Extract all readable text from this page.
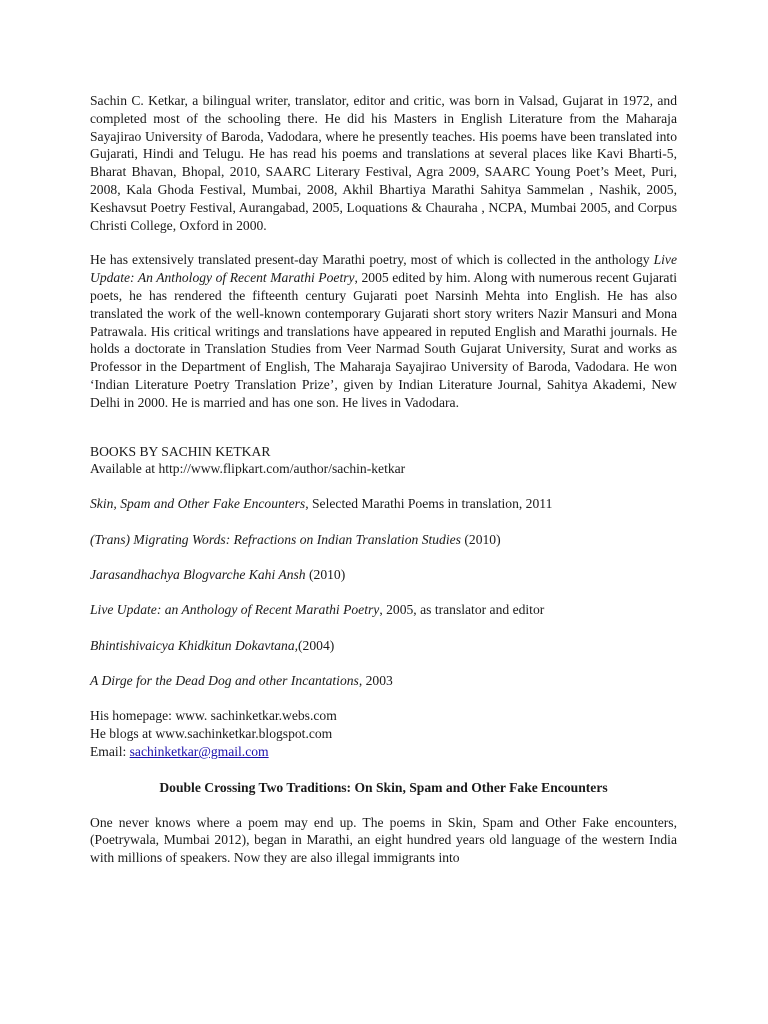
Sachin C. Ketkar, a bilingual writer, translator, editor and critic, was born in Valsad, Gujarat in 1972, and completed most of the schooling there. He did his Masters in English Literature from the Maharaja Sayajirao University of Baroda, Vadodara, where he presently teaches. His poems have been translated into Gujarati, Hindi and Telugu. He has read his poems and translations at several places like Kavi Bharti-5, Bharat Bhavan, Bhopal, 2010, SAARC Literary Festival, Agra 2009, SAARC Young Poet’s Meet, Puri, 2008, Kala Ghoda Festival, Mumbai, 2008, Akhil Bhartiya Marathi Sahitya Sammelan , Nashik, 2005, Keshavsut Poetry Festival, Aurangabad, 2005, Loquations & Chauraha , NCPA, Mumbai 2005, and Corpus Christi College, Oxford in 2000.

He has extensively translated present-day Marathi poetry, most of which is collected in the anthology Live Update: An Anthology of Recent Marathi Poetry, 2005 edited by him. Along with numerous recent Gujarati poets, he has rendered the fifteenth century Gujarati poet Narsinh Mehta into English. He has also translated the work of the well-known contemporary Gujarati short story writers Nazir Mansuri and Mona Patrawala. His critical writings and translations have appeared in reputed English and Marathi journals. He holds a doctorate in Translation Studies from Veer Narmad South Gujarat University, Surat and works as Professor in the Department of English, The Maharaja Sayajirao University of Baroda, Vadodara. He won ‘Indian Literature Poetry Translation Prize’, given by Indian Literature Journal, Sahitya Akademi, New Delhi in 2000. He is married and has one son. He lives in Vadodara.

BOOKS BY SACHIN KETKAR

Available at http://www.flipkart.com/author/sachin-ketkar

Skin, Spam and Other Fake Encounters, Selected Marathi Poems in translation, 2011

(Trans) Migrating Words: Refractions on Indian Translation Studies (2010)

Jarasandhachya Blogvarche Kahi Ansh (2010)

Live Update: an Anthology of Recent Marathi Poetry, 2005, as translator and editor

Bhintishivaicya Khidkitun Dokavtana,(2004)

A Dirge for the Dead Dog and other Incantations, 2003

His homepage: www. sachinketkar.webs.com

He blogs at www.sachinketkar.blogspot.com

Email: sachinketkar@gmail.com

Double Crossing Two Traditions: On Skin, Spam and Other Fake Encounters

One never knows where a poem may end up. The poems in Skin, Spam and Other Fake encounters, (Poetrywala, Mumbai 2012), began in Marathi, an eight hundred years old language of the western India with millions of speakers. Now they are also illegal immigrants into
